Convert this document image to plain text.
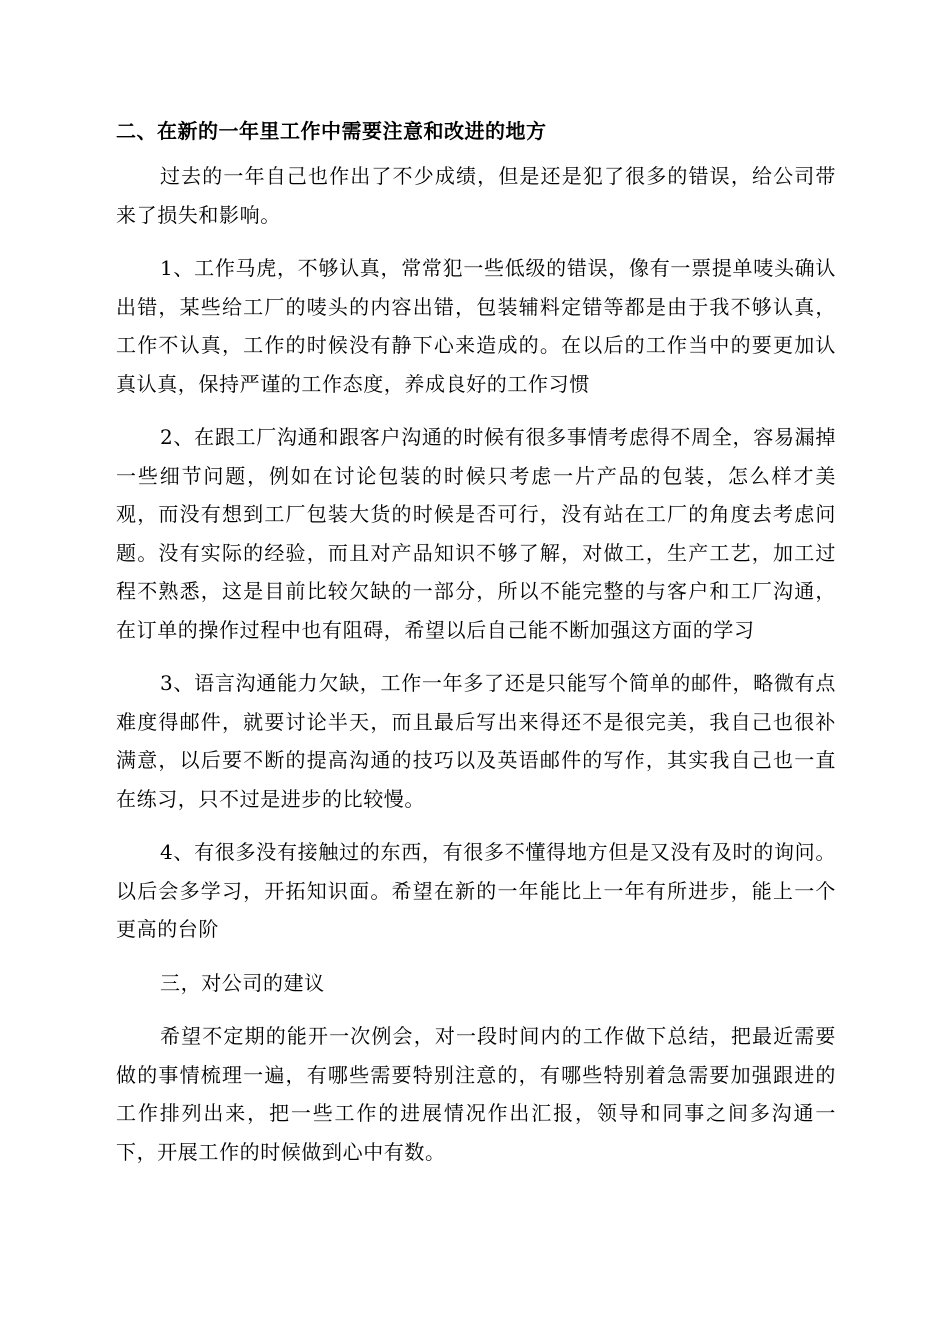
二、在新的一年里工作中需要注意和改进的地方

过去的一年自己也作出了不少成绩，但是还是犯了很多的错误，给公司带来了损失和影响。

1、工作马虎，不够认真，常常犯一些低级的错误，像有一票提单唛头确认出错，某些给工厂的唛头的内容出错，包装辅料定错等都是由于我不够认真，工作不认真，工作的时候没有静下心来造成的。在以后的工作当中的要更加认真认真，保持严谨的工作态度，养成良好的工作习惯

2、在跟工厂沟通和跟客户沟通的时候有很多事情考虑得不周全，容易漏掉一些细节问题，例如在讨论包装的时候只考虑一片产品的包装，怎么样才美观，而没有想到工厂包装大货的时候是否可行，没有站在工厂的角度去考虑问题。没有实际的经验，而且对产品知识不够了解，对做工，生产工艺，加工过程不熟悉，这是目前比较欠缺的一部分，所以不能完整的与客户和工厂沟通，在订单的操作过程中也有阻碍，希望以后自己能不断加强这方面的学习

3、语言沟通能力欠缺，工作一年多了还是只能写个简单的邮件，略微有点难度得邮件，就要讨论半天，而且最后写出来得还不是很完美，我自己也很补满意，以后要不断的提高沟通的技巧以及英语邮件的写作，其实我自己也一直在练习，只不过是进步的比较慢。

4、有很多没有接触过的东西，有很多不懂得地方但是又没有及时的询问。以后会多学习，开拓知识面。希望在新的一年能比上一年有所进步，能上一个更高的台阶

三，对公司的建议

希望不定期的能开一次例会，对一段时间内的工作做下总结，把最近需要做的事情梳理一遍，有哪些需要特别注意的，有哪些特别着急需要加强跟进的工作排列出来，把一些工作的进展情况作出汇报，领导和同事之间多沟通一下，开展工作的时候做到心中有数。
